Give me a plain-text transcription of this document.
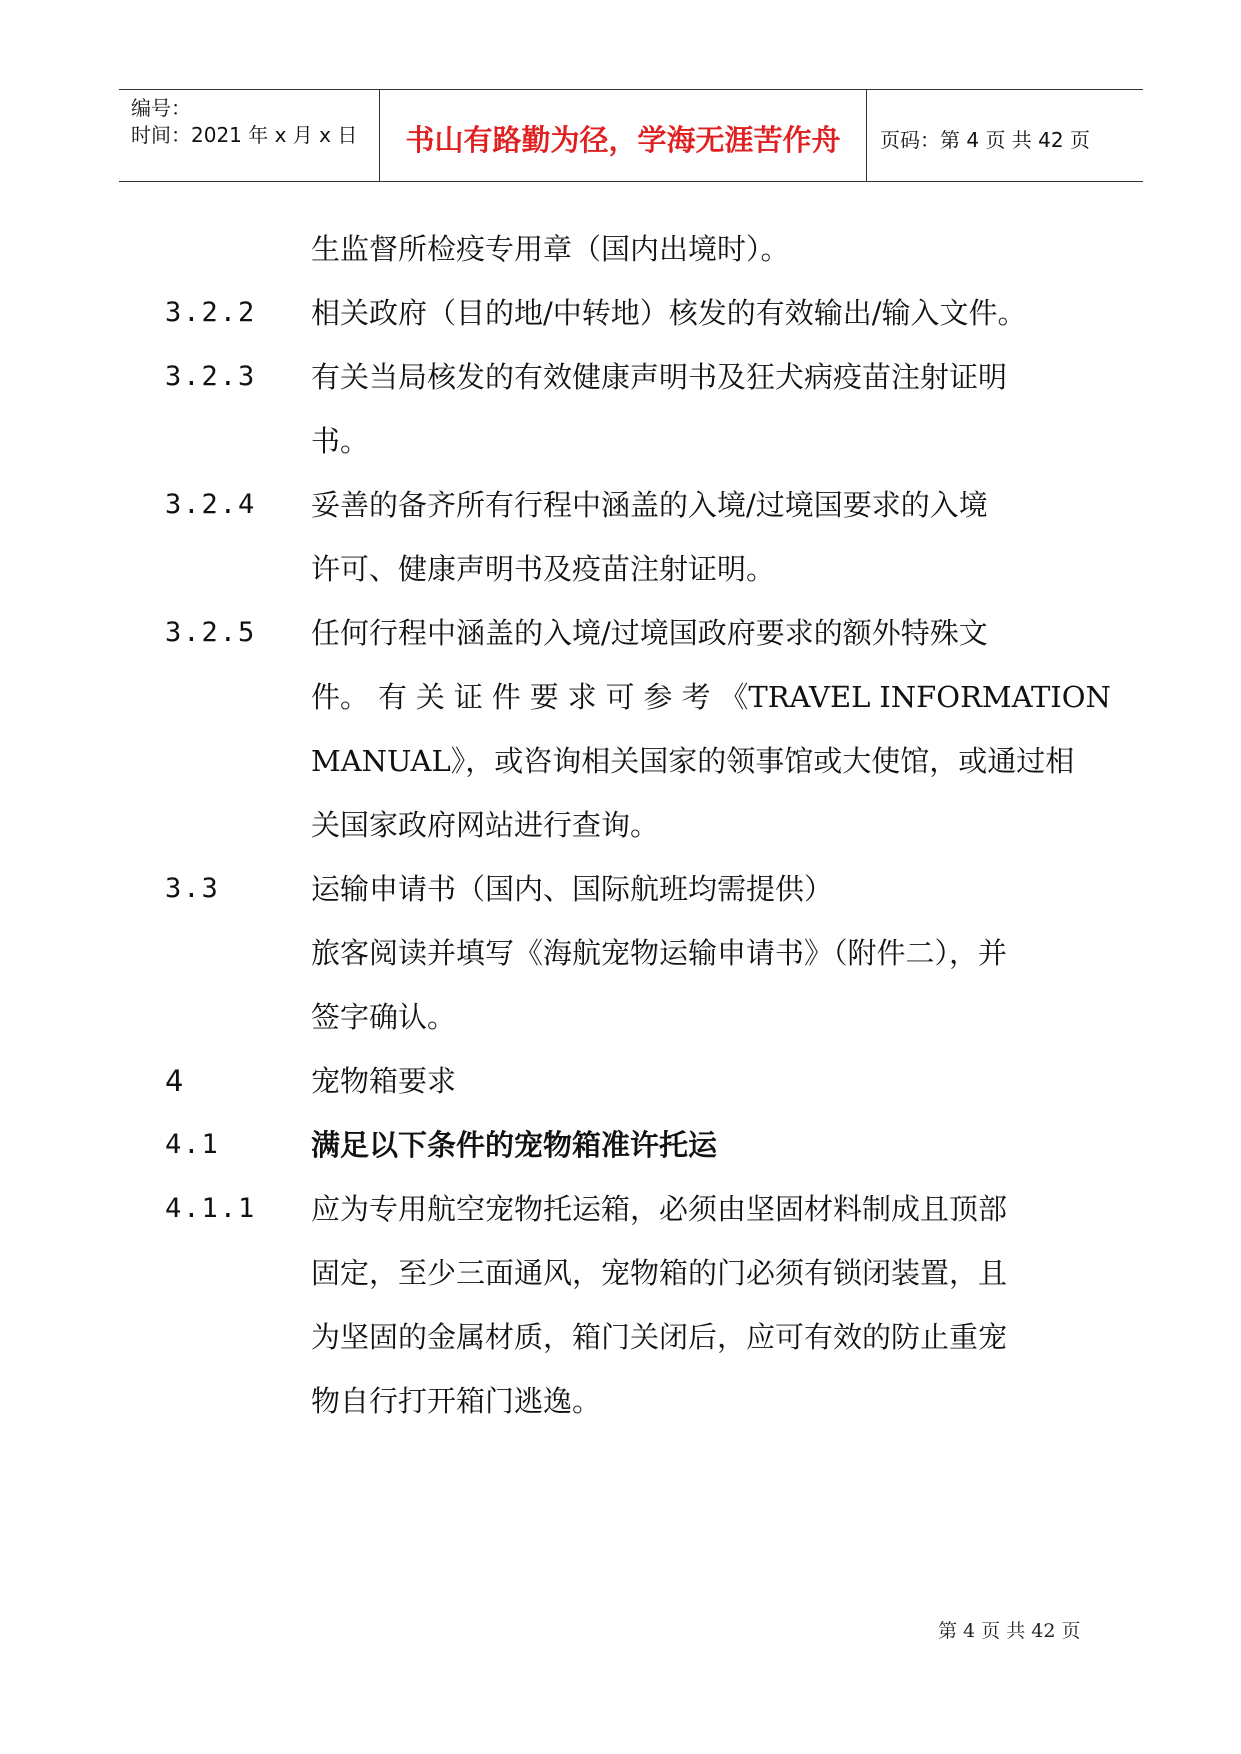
编号：
时间：2021 年 x 月 x 日	书山有路勤为径，学海无涯苦作舟	页码：第 4 页 共 42 页
生监督所检疫专用章（国内出境时）。
3.2.2 相关政府（目的地/中转地）核发的有效输出/输入文件。
3.2.3 有关当局核发的有效健康声明书及狂犬病疫苗注射证明
书。
3.2.4 妥善的备齐所有行程中涵盖的入境/过境国要求的入境
许可、健康声明书及疫苗注射证明。
3.2.5 任何行程中涵盖的入境/过境国政府要求的额外特殊文
件。 有 关 证 件 要 求 可 参 考 《TRAVEL INFORMATION
MANUAL》，或咨询相关国家的领事馆或大使馆，或通过相
关国家政府网站进行查询。
3.3	运输申请书（国内、国际航班均需提供）
旅客阅读并填写《海航宠物运输申请书》（附件二），并
签字确认。
4	宠物箱要求
4.1	满足以下条件的宠物箱准许托运
4.1.1 应为专用航空宠物托运箱，必须由坚固材料制成且顶部
固定，至少三面通风，宠物箱的门必须有锁闭装置，且
为坚固的金属材质，箱门关闭后，应可有效的防止重宠
物自行打开箱门逃逸。
第 4 页 共 42 页
